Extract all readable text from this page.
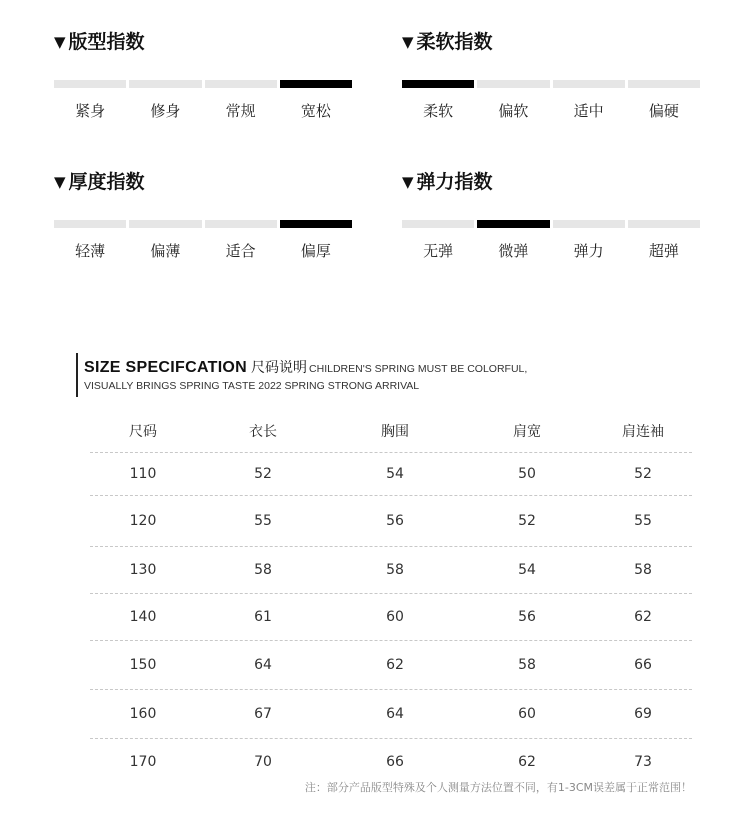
▼ 版型指数
紧身	修身	常规	宽松
▼ 柔软指数
柔软	偏软	适中	偏硬
▼ 厚度指数
轻薄	偏薄	适合	偏厚
▼ 弹力指数
无弹	微弹	弹力	超弹
SIZE SPECIFCATION 尺码说明 CHILDREN'S SPRING MUST BE COLORFUL,
VISUALLY BRINGS SPRING TASTE 2022 SPRING STRONG ARRIVAL
尺码	衣长	胸围	肩宽	肩连袖
110	52	54	50	52
120	55	56	52	55
130	58	58	54	58
140	61	60	56	62
150	64	62	58	66
160	67	64	60	69
170	70	66	62	73
注：部分产品版型特殊及个人测量方法位置不同，有1-3CM误差属于正常范围！
